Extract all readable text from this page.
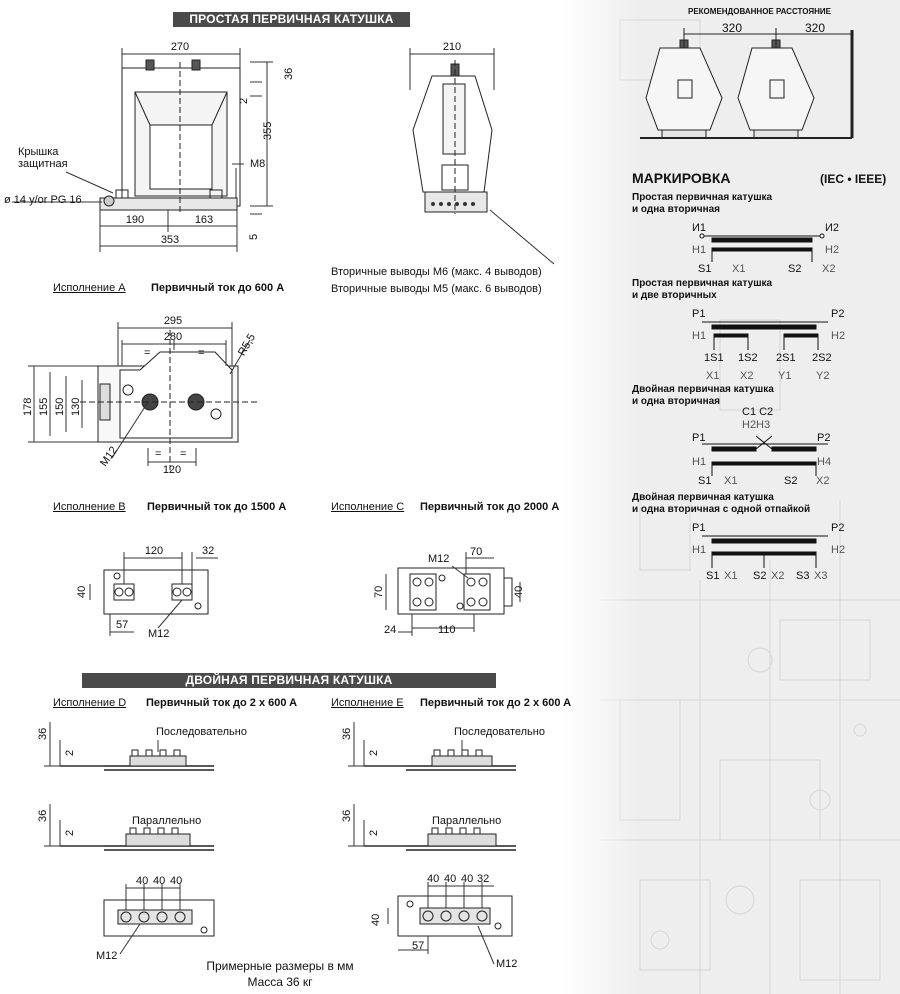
ПРОСТАЯ ПЕРВИЧНАЯ КАТУШКА
ДВОЙНАЯ ПЕРВИЧНАЯ КАТУШКА
270
36
2
355
M8
5
190	163
353
Крышка
защитная
ø 14 y/or PG 16
210
Вторичные выводы M6 (макс. 4 выводов)
Вторичные выводы M5 (макс. 6 выводов)
РЕКОМЕНДОВАННОЕ РАССТОЯНИЕ
320	320
Исполнение A Первичный ток до 600 A
295
280
=	=	R5,5
178 155 150 130
M12
120
= =
Исполнение B Первичный ток до 1500 A
120	32
40
57
M12
Исполнение C Первичный ток до 2000 A
M12
70
70	40
24	110
Исполнение D Первичный ток до 2 x 600 A
Последовательно
Параллельно
36
2
36
2
40 40 40
M12
Исполнение E Первичный ток до 2 x 600 A
Последовательно
Параллельно
36
2
36
2
40 40 40 32
40
57
M12
Примерные размеры в мм
Масса 36 кг
МАРКИРОВКА	(IEC • IEEE)
Простая первичная катушка
и одна вторичная
И1	И2
H1	H2
S1 X1	S2 X2
Простая первичная катушка
и две вторичных
P1	P2
H1	H2
1S1 1S2 2S1 2S2
X1 X2 Y1 Y2
Двойная первичная катушка
и одна вторичная
C1 C2
H2H3
P1	P2
H1	H4
S1 X1	S2 X2
Двойная первичная катушка
и одна вторичная с одной отпайкой
P1	P2
H1	H2
S1 X1 S2 X2 S3 X3
